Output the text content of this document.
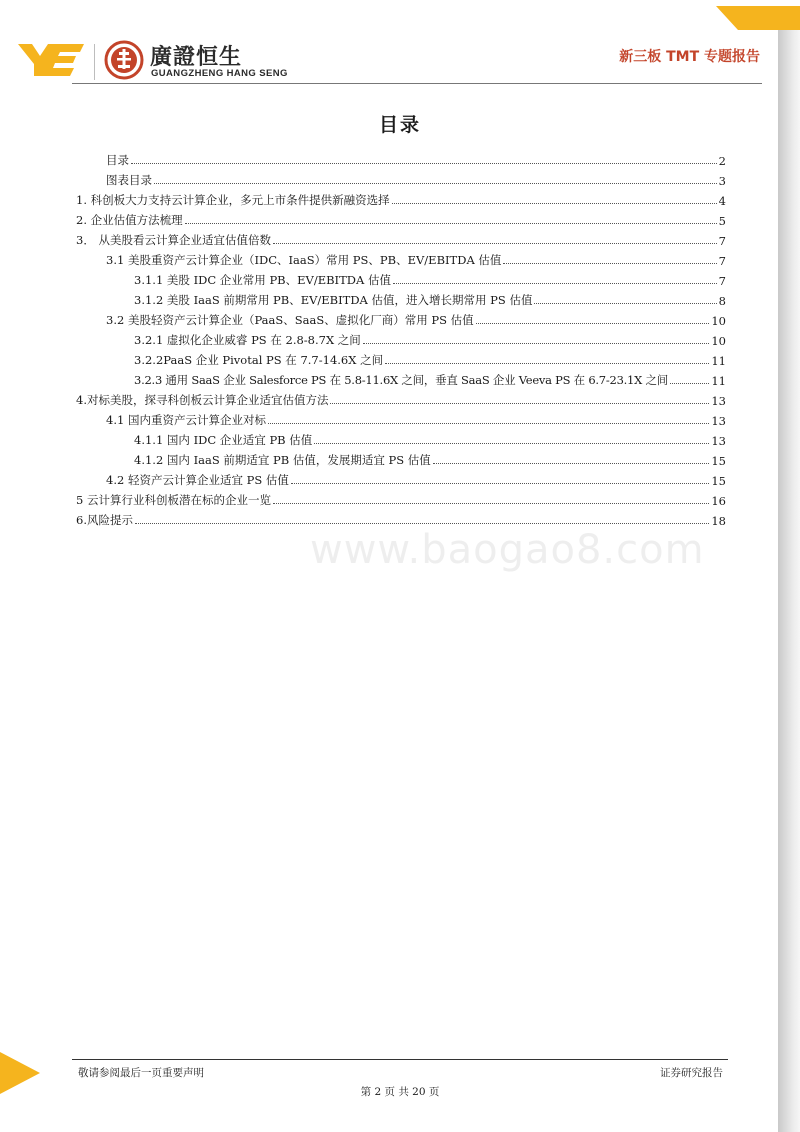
廣證恒生
GUANGZHENG HANG SENG
新三板 TMT 专题报告
目录
目录	2
图表目录	3
1. 科创板大力支持云计算企业，多元上市条件提供新融资选择	4
2. 企业估值方法梳理	5
3． 从美股看云计算企业适宜估值倍数	7
3.1 美股重资产云计算企业（IDC、IaaS）常用 PS、PB、EV/EBITDA 估值	7
3.1.1 美股 IDC 企业常用 PB、EV/EBITDA 估值	7
3.1.2 美股 IaaS 前期常用 PB、EV/EBITDA 估值，进入增长期常用 PS 估值	8
3.2 美股轻资产云计算企业（PaaS、SaaS、虚拟化厂商）常用 PS 估值	10
3.2.1 虚拟化企业威睿 PS 在 2.8-8.7X 之间	10
3.2.2PaaS 企业 Pivotal PS 在 7.7-14.6X 之间	11
3.2.3 通用 SaaS 企业 Salesforce PS 在 5.8-11.6X 之间，垂直 SaaS 企业 Veeva PS 在 6.7-23.1X 之间	11
4.对标美股，探寻科创板云计算企业适宜估值方法	13
4.1 国内重资产云计算企业对标	13
4.1.1 国内 IDC 企业适宜 PB 估值	13
4.1.2 国内 IaaS 前期适宜 PB 估值，发展期适宜 PS 估值	15
4.2 轻资产云计算企业适宜 PS 估值	15
5 云计算行业科创板潜在标的企业一览	16
6.风险提示	18
www.baogao8.com
敬请参阅最后一页重要声明	证券研究报告
第 2 页 共 20 页
